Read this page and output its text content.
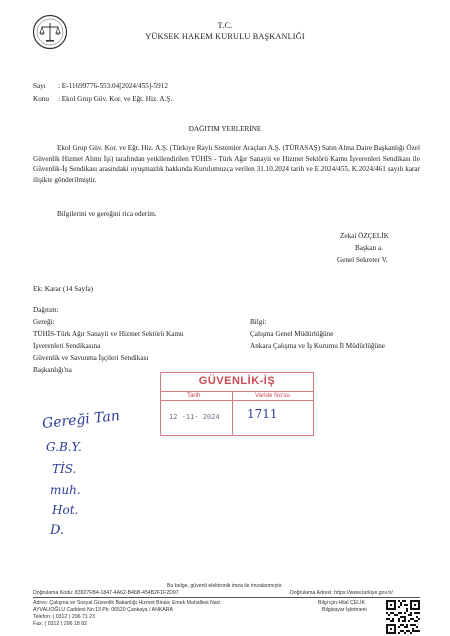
T.C.
YÜKSEK HAKEM KURULU BAŞKANLIĞI
Sayı : E-11699776-553.04[2024/455]-5912
Konu : Ekol Grup Güv. Kor. ve Eğt. Hiz. A.Ş.
DAĞITIM YERLERİNE
Ekol Grup Güv. Kor. ve Eğt. Hiz. A.Ş. (Türkiye Raylı Sistemler Araçları A.Ş. (TÜRASAŞ) Satın Alma Daire Başkanlığı Özel Güvenlik Hizmet Alımı İşi) tarafından yetkilendirilen TÜHİS - Türk Ağır Sanayii ve Hizmet Sektörü Kamu İşverenleri Sendikası ile Güvenlik-İş Sendikası arasındaki uyuşmazlık hakkında Kurulumuzca verilen 31.10.2024 tarih ve E.2024/455, K.2024/461 sayılı karar ilişikte gönderilmiştir.
Bilgilerini ve gereğini rica ederim.
Zekai ÖZÇELİK
Başkan a.
Genel Sekreter V.
Ek: Karar (14 Sayfa)
Dağıtım:
Gereği:
TÜHİS-Türk Ağır Sanayii ve Hizmet Sektörü Kamu
İşverenleri Sendikasına
Güvenlik ve Savunma İşçileri Sendikası
Başkanlığı'na
Bilgi:
Çalışma Genel Müdürlüğüne
Ankara Çalışma ve İş Kurumu İl Müdürlüğüne
GÜVENLİK-İŞ
Tarih	Varide No'su
12 -11- 2024 1711
Gereği Tan
G.B.Y.
TİS.
muh.
Hot.
D.
Bu belge, güvenli elektronik imza ile imzalanmıştır.
Doğrulama Kodu: 83927FB4-1847-4A62-B46B-454B2F1F2D97	Doğrulama Adresi: https://www.turkiye.gov.tr/
Adres: Çalışma ve Sosyal Güvenlik Bakanlığı Hizmet Binası Emek Mahallesi Naci
AYVALIOĞLU Caddesi No:13 Pk: 06520 Çankaya / ANKARA
Telefon: ( 0312 ) 296 71 23
Fax: ( 0312 ) 296 18 82
Bilgi için:Hilal ÇELİK
Bilgisayar İşletmeni
